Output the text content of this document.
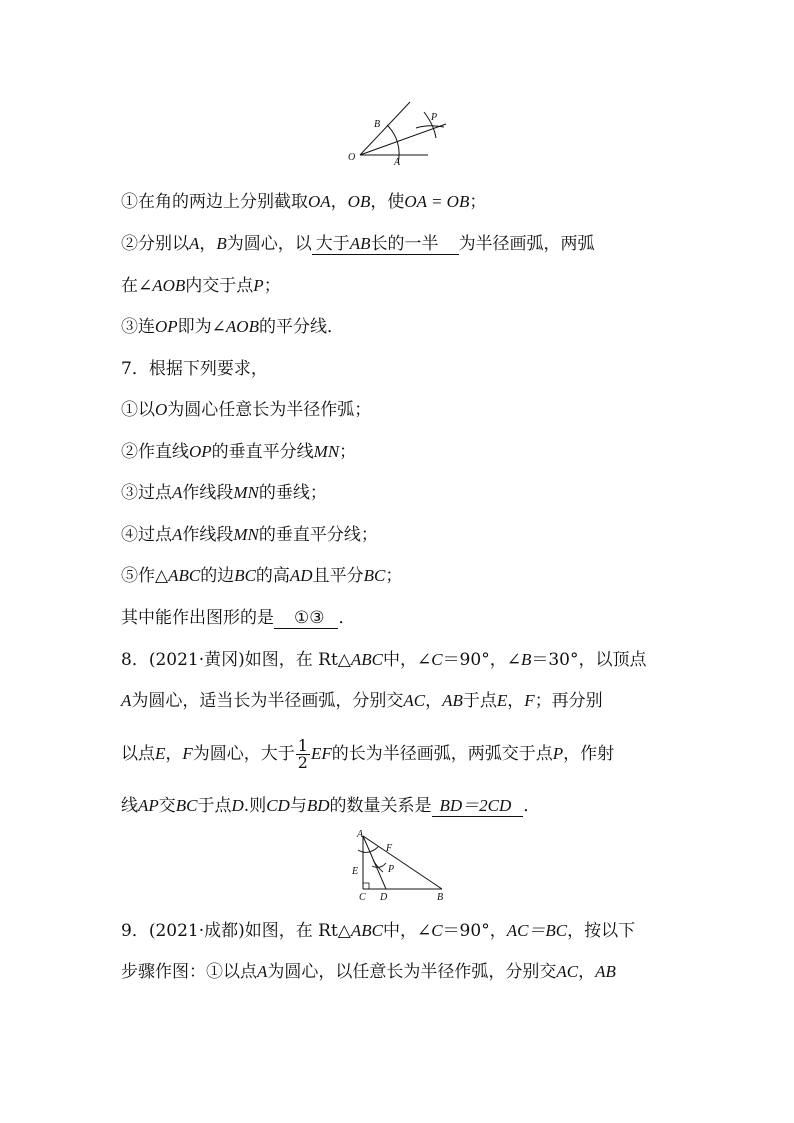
O	A
B
P
①在角的两边上分别截取OA，OB，使OA = OB；
②分别以A，B为圆心，以 大于AB长的一半 为半径画弧，两弧
在∠AOB内交于点P；
③连OP即为∠AOB的平分线．
7．根据下列要求，
①以O为圆心任意长为半径作弧；
②作直线OP的垂直平分线MN；
③过点A作线段MN的垂线；
④过点A作线段MN的垂直平分线；
⑤作△ABC的边BC的高AD且平分BC；
其中能作出图形的是 ①③ ．
8．(2021·黄冈)如图，在 Rt△ABC中，∠C＝90°，∠B＝30°，以顶点
A为圆心，适当长为半径画弧，分别交AC，AB于点E，F；再分别
以点E，F为圆心，大于 $\frac{1}{2}$ EF的长为半径画弧，两弧交于点P，作射
线AP交BC于点D.则CD与BD的数量关系是 BD＝2CD ．
A
F
E	P
C D	B
9．(2021·成都)如图，在 Rt△ABC中，∠C＝90°，AC＝BC，按以下
步骤作图：①以点A为圆心，以任意长为半径作弧，分别交AC，AB
